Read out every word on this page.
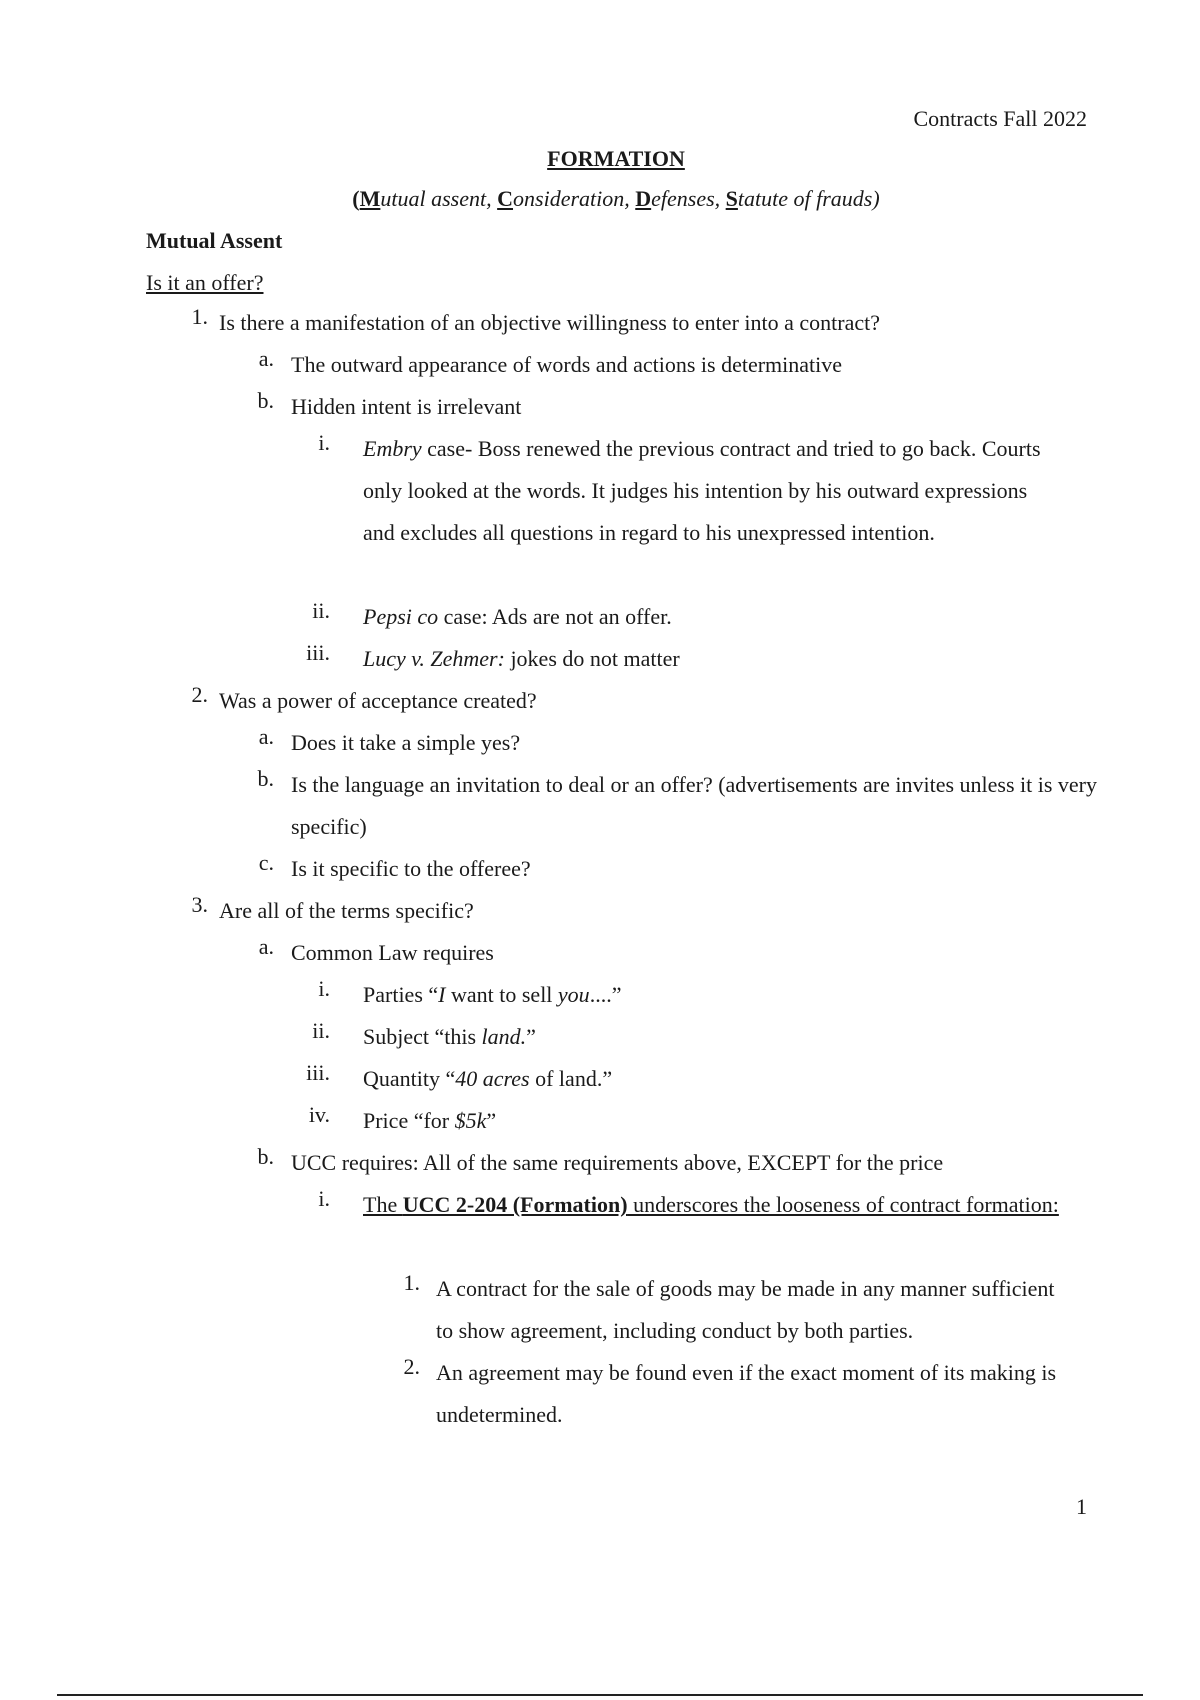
Contracts Fall 2022
FORMATION
(Mutual assent, Consideration, Defenses, Statute of frauds)
Mutual Assent
Is it an offer?
1. Is there a manifestation of an objective willingness to enter into a contract?
a. The outward appearance of words and actions is determinative
b. Hidden intent is irrelevant
i. Embry case- Boss renewed the previous contract and tried to go back. Courts only looked at the words. It judges his intention by his outward expressions and excludes all questions in regard to his unexpressed intention.
ii. Pepsi co case: Ads are not an offer.
iii. Lucy v. Zehmer: jokes do not matter
2. Was a power of acceptance created?
a. Does it take a simple yes?
b. Is the language an invitation to deal or an offer? (advertisements are invites unless it is very specific)
c. Is it specific to the offeree?
3. Are all of the terms specific?
a. Common Law requires
i. Parties “I want to sell you....”
ii. Subject “this land.”
iii. Quantity “40 acres of land.”
iv. Price “for $5k”
b. UCC requires: All of the same requirements above, EXCEPT for the price
i. The UCC 2-204 (Formation) underscores the looseness of contract formation:
1. A contract for the sale of goods may be made in any manner sufficient to show agreement, including conduct by both parties.
2. An agreement may be found even if the exact moment of its making is undetermined.
1
